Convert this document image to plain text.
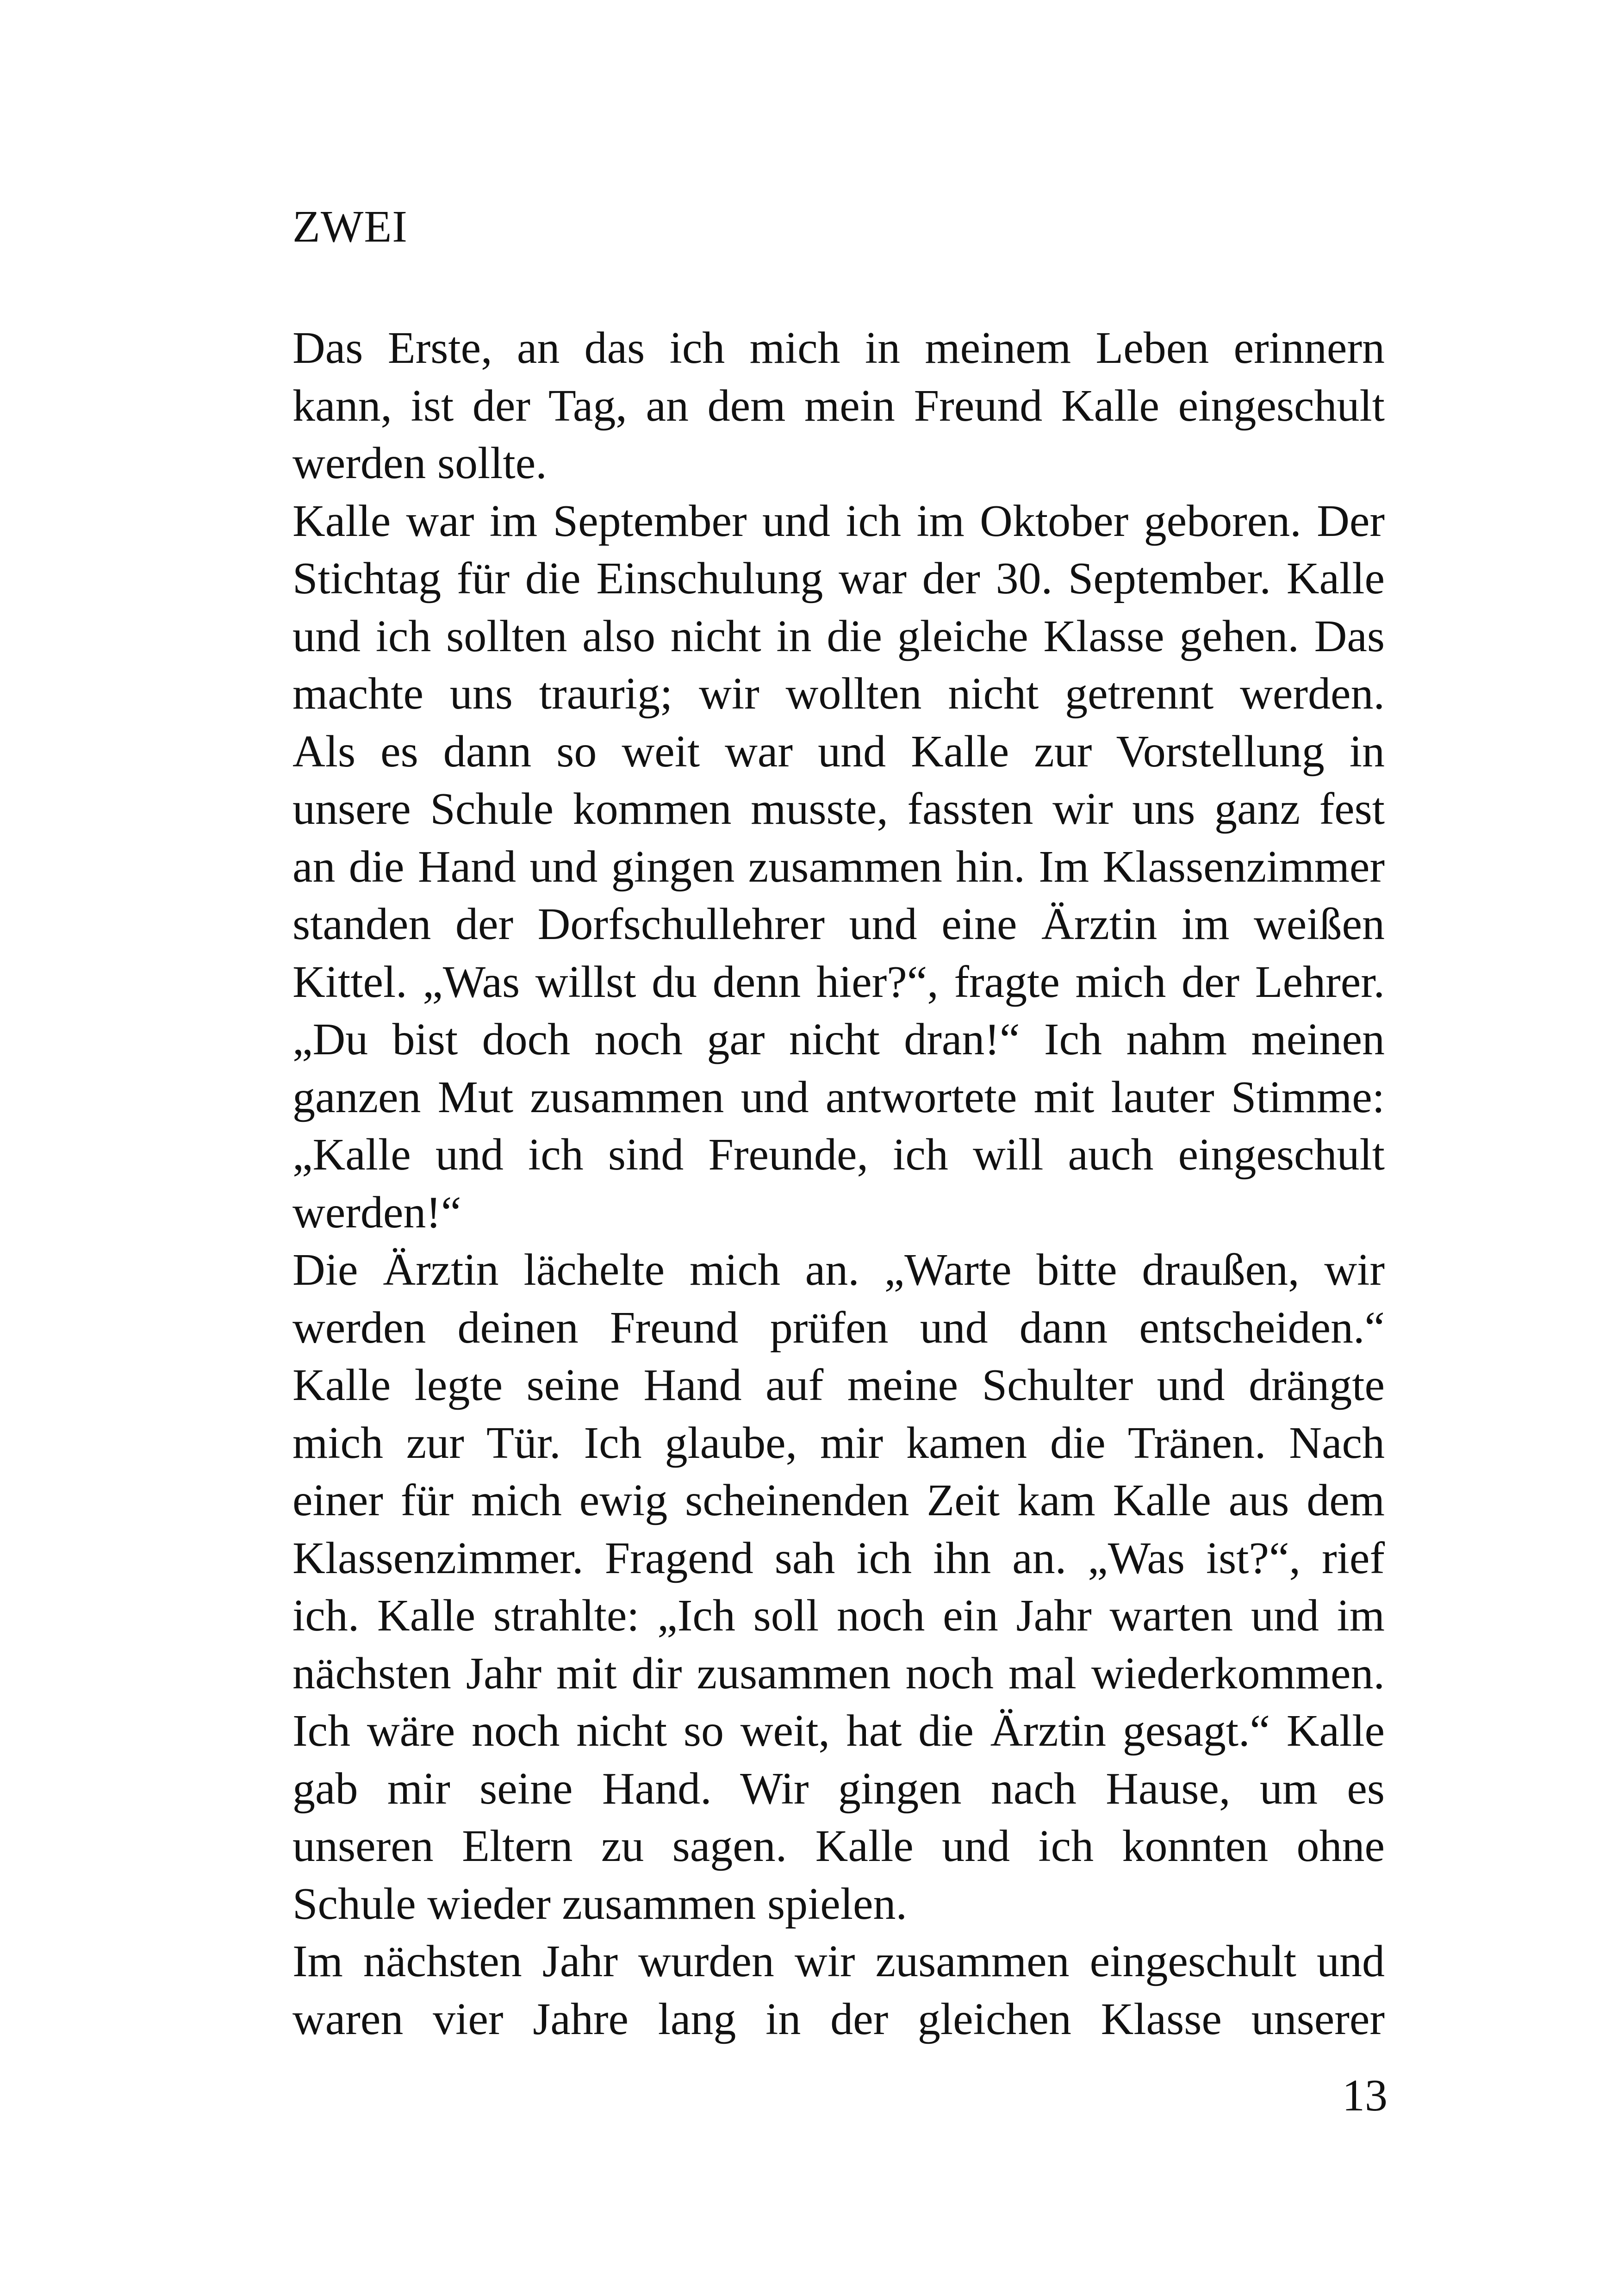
ZWEI
Das Erste, an das ich mich in meinem Leben erinnern
kann, ist der Tag, an dem mein Freund Kalle eingeschult
werden sollte.
Kalle war im September und ich im Oktober geboren. Der
Stichtag für die Einschulung war der 30. September. Kalle
und ich sollten also nicht in die gleiche Klasse gehen. Das
machte uns traurig; wir wollten nicht getrennt werden.
Als es dann so weit war und Kalle zur Vorstellung in
unsere Schule kommen musste, fassten wir uns ganz fest
an die Hand und gingen zusammen hin. Im Klassenzimmer
standen der Dorfschullehrer und eine Ärztin im weißen
Kittel. „Was willst du denn hier?“, fragte mich der Lehrer.
„Du bist doch noch gar nicht dran!“ Ich nahm meinen
ganzen Mut zusammen und antwortete mit lauter Stimme:
„Kalle und ich sind Freunde, ich will auch eingeschult
werden!“
Die Ärztin lächelte mich an. „Warte bitte draußen, wir
werden deinen Freund prüfen und dann entscheiden.“
Kalle legte seine Hand auf meine Schulter und drängte
mich zur Tür. Ich glaube, mir kamen die Tränen. Nach
einer für mich ewig scheinenden Zeit kam Kalle aus dem
Klassenzimmer. Fragend sah ich ihn an. „Was ist?“, rief
ich. Kalle strahlte: „Ich soll noch ein Jahr warten und im
nächsten Jahr mit dir zusammen noch mal wiederkommen.
Ich wäre noch nicht so weit, hat die Ärztin gesagt.“ Kalle
gab mir seine Hand. Wir gingen nach Hause, um es
unseren Eltern zu sagen. Kalle und ich konnten ohne
Schule wieder zusammen spielen.
Im nächsten Jahr wurden wir zusammen eingeschult und
waren vier Jahre lang in der gleichen Klasse unserer
13
